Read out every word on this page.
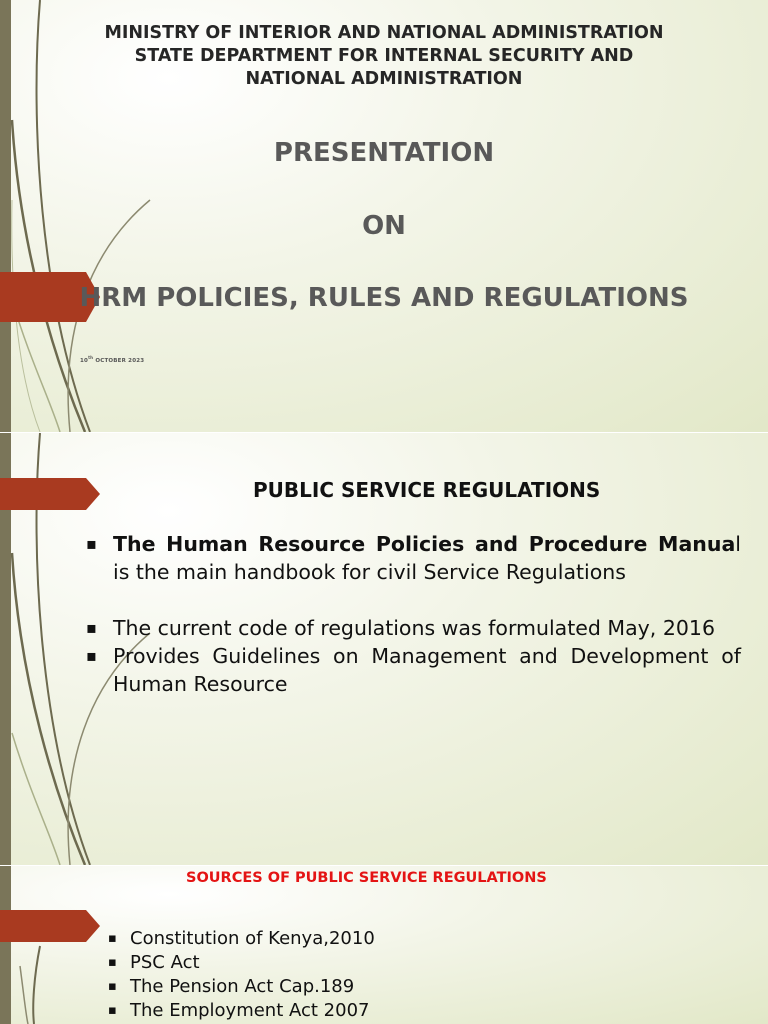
MINISTRY OF INTERIOR AND NATIONAL ADMINISTRATION
STATE DEPARTMENT FOR INTERNAL SECURITY AND
NATIONAL ADMINISTRATION
PRESENTATION
ON
HRM POLICIES, RULES AND REGULATIONS
10th OCTOBER 2023
PUBLIC SERVICE REGULATIONS
▪ The Human Resource Policies and Procedure Manual is the main handbook for civil Service Regulations
▪ The current code of regulations was formulated May, 2016
▪ Provides Guidelines on Management and Development of Human Resource
SOURCES OF PUBLIC SERVICE REGULATIONS
▪ Constitution of Kenya,2010
▪ PSC Act
▪ The Pension Act Cap.189
▪ The Employment Act 2007
